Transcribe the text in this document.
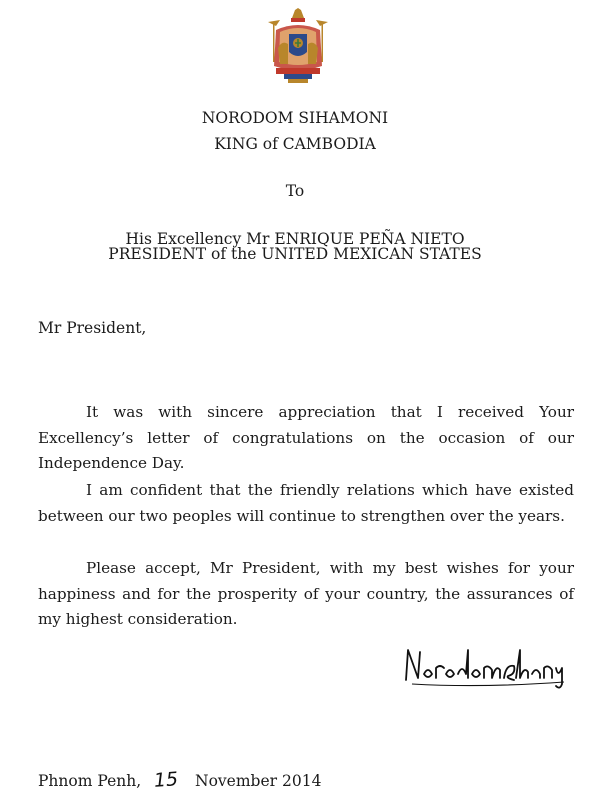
NORODOM SIHAMONI
KING of CAMBODIA
To
His Excellency Mr ENRIQUE PEÑA NIETO
PRESIDENT of the UNITED MEXICAN STATES
Mr President,

It was with sincere appreciation that I received Your Excellency’s letter of congratulations on the occasion of our Independence Day.

I am confident that the friendly relations which have existed between our two peoples will continue to strengthen over the years.

Please accept, Mr President, with my best wishes for your happiness and for the prosperity of your country, the assurances of my highest consideration.

Phnom Penh, 15 November 2014
